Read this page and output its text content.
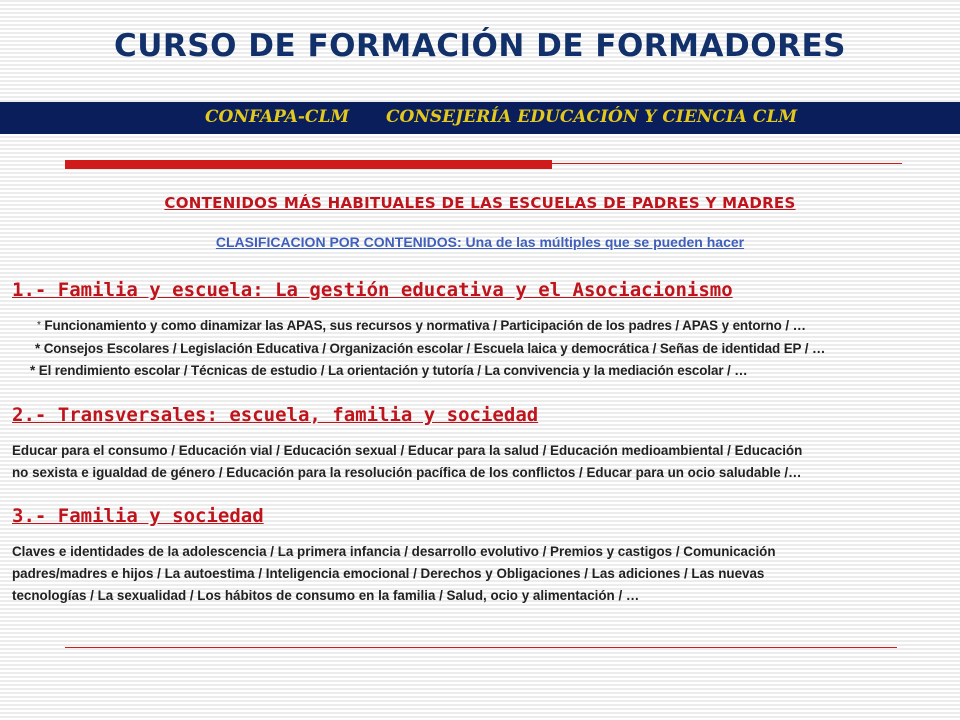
CURSO DE FORMACIÓN DE FORMADORES
CONFAPA-CLM CONSEJERÍA EDUCACIÓN Y CIENCIA CLM
CONTENIDOS MÁS HABITUALES DE LAS ESCUELAS DE PADRES Y MADRES
CLASIFICACION POR CONTENIDOS: Una de las múltiples que se pueden hacer
1.- Familia y escuela: La gestión educativa y el Asociacionismo
* Funcionamiento y como dinamizar las APAS, sus recursos y normativa / Participación de los padres / APAS y entorno / …
* Consejos Escolares / Legislación Educativa / Organización escolar / Escuela laica y democrática / Señas de identidad EP / …
* El rendimiento escolar / Técnicas de estudio / La orientación y tutoría / La convivencia y la mediación escolar / …
2.- Transversales: escuela, familia y sociedad
Educar para el consumo / Educación vial / Educación sexual / Educar para la salud / Educación medioambiental / Educación
no sexista e igualdad de género / Educación para la resolución pacífica de los conflictos / Educar para un ocio saludable /…
3.- Familia y sociedad
Claves e identidades de la adolescencia / La primera infancia / desarrollo evolutivo / Premios y castigos / Comunicación
padres/madres e hijos / La autoestima / Inteligencia emocional / Derechos y Obligaciones / Las adiciones / Las nuevas
tecnologías / La sexualidad / Los hábitos de consumo en la familia / Salud, ocio y alimentación / …
